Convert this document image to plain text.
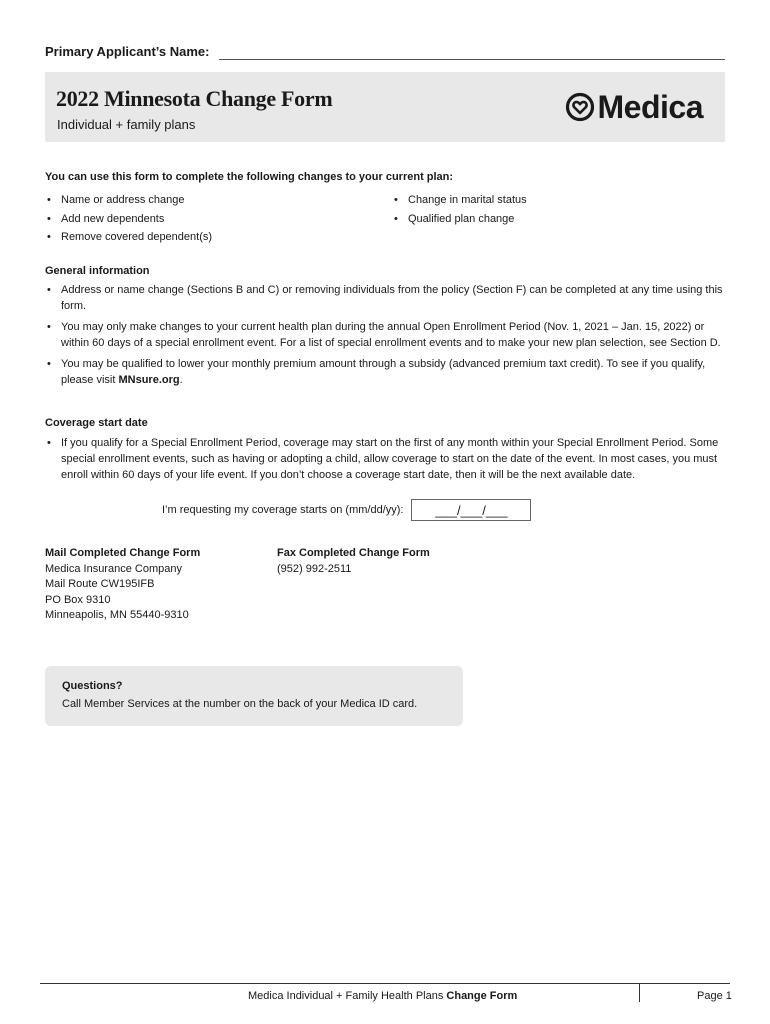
Primary Applicant’s Name:
2022 Minnesota Change Form
Individual + family plans	Medica
You can use this form to complete the following changes to your current plan:
• Name or address change
• Add new dependents
• Remove covered dependent(s)
• Change in marital status
• Qualified plan change
General information
• Address or name change (Sections B and C) or removing individuals from the policy (Section F) can be completed at any time using this form.
• You may only make changes to your current health plan during the annual Open Enrollment Period (Nov. 1, 2021 – Jan. 15, 2022) or within 60 days of a special enrollment event. For a list of special enrollment events and to make your new plan selection, see Section D.
• You may be qualified to lower your monthly premium amount through a subsidy (advanced premium taxt credit). To see if you qualify, please visit MNsure.org.
Coverage start date
• If you qualify for a Special Enrollment Period, coverage may start on the first of any month within your Special Enrollment Period. Some special enrollment events, such as having or adopting a child, allow coverage to start on the date of the event. In most cases, you must enroll within 60 days of your life event. If you don’t choose a coverage start date, then it will be the next available date.
I’m requesting my coverage starts on (mm/dd/yy):	___/___/___
Mail Completed Change Form
Medica Insurance Company
Mail Route CW195IFB
PO Box 9310
Minneapolis, MN 55440-9310
Fax Completed Change Form
(952) 992-2511
Questions?
Call Member Services at the number on the back of your Medica ID card.
Medica Individual + Family Health Plans Change Form	Page 1
